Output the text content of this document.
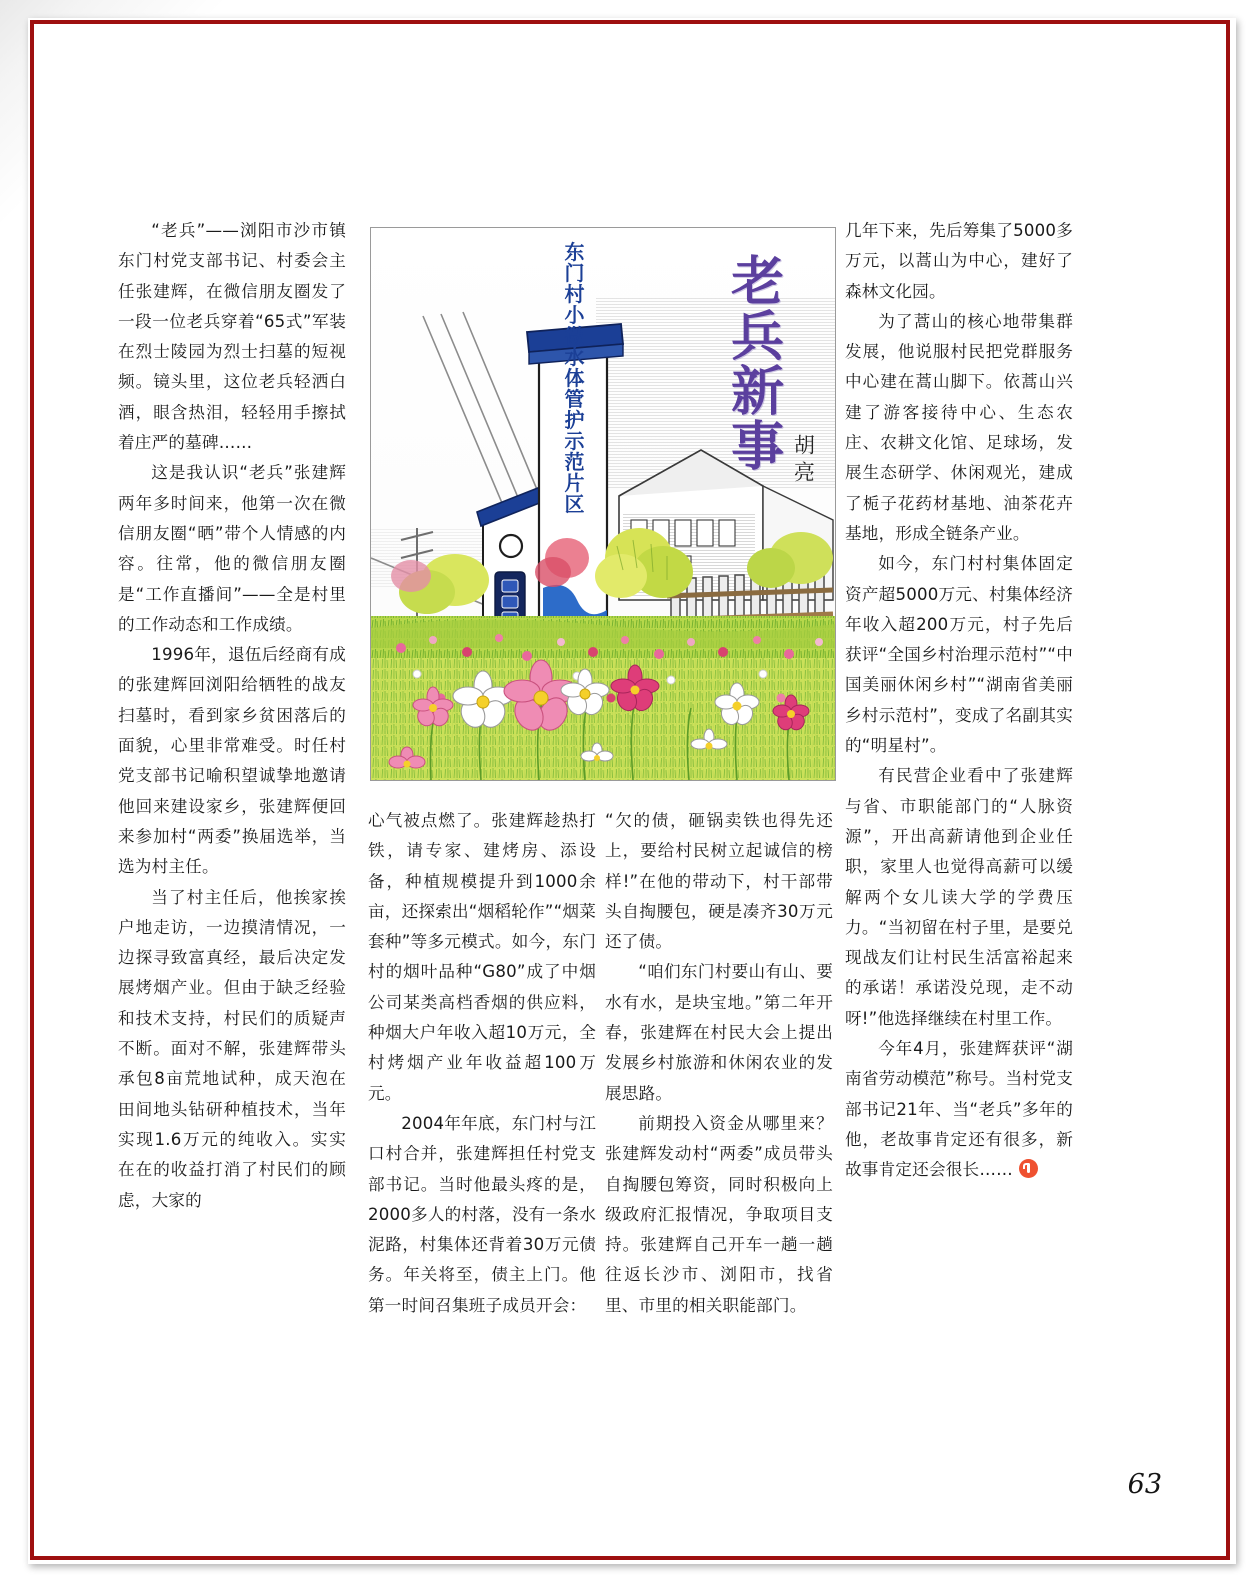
东门村小微水体管护示范片区	老兵新事 胡亮

“老兵”——浏阳市沙市镇东门村党支部书记、村委会主任张建辉，在微信朋友圈发了一段一位老兵穿着“65式”军装在烈士陵园为烈士扫墓的短视频。镜头里，这位老兵轻洒白酒，眼含热泪，轻轻用手擦拭着庄严的墓碑……

这是我认识“老兵”张建辉两年多时间来，他第一次在微信朋友圈“晒”带个人情感的内容。往常，他的微信朋友圈是“工作直播间”——全是村里的工作动态和工作成绩。

1996年，退伍后经商有成的张建辉回浏阳给牺牲的战友扫墓时，看到家乡贫困落后的面貌，心里非常难受。时任村党支部书记喻积望诚挚地邀请他回来建设家乡，张建辉便回来参加村“两委”换届选举，当选为村主任。

当了村主任后，他挨家挨户地走访，一边摸清情况，一边探寻致富真经，最后决定发展烤烟产业。但由于缺乏经验和技术支持，村民们的质疑声不断。面对不解，张建辉带头承包8亩荒地试种，成天泡在田间地头钻研种植技术，当年实现1.6万元的纯收入。实实在在的收益打消了村民们的顾虑，大家的

心气被点燃了。张建辉趁热打铁，请专家、建烤房、添设备，种植规模提升到1000余亩，还探索出“烟稻轮作”“烟菜套种”等多元模式。如今，东门村的烟叶品种“G80”成了中烟公司某类高档香烟的供应料，种烟大户年收入超10万元，全村烤烟产业年收益超100万元。

2004年年底，东门村与江口村合并，张建辉担任村党支部书记。当时他最头疼的是，2000多人的村落，没有一条水泥路，村集体还背着30万元债务。年关将至，债主上门。他第一时间召集班子成员开会：

“欠的债，砸锅卖铁也得先还上，要给村民树立起诚信的榜样!”在他的带动下，村干部带头自掏腰包，硬是凑齐30万元还了债。

“咱们东门村要山有山、要水有水，是块宝地。”第二年开春，张建辉在村民大会上提出发展乡村旅游和休闲农业的发展思路。

前期投入资金从哪里来？张建辉发动村“两委”成员带头自掏腰包筹资，同时积极向上级政府汇报情况，争取项目支持。张建辉自己开车一趟一趟往返长沙市、浏阳市，找省里、市里的相关职能部门。

几年下来，先后筹集了5000多万元，以蒿山为中心，建好了森林文化园。

为了蒿山的核心地带集群发展，他说服村民把党群服务中心建在蒿山脚下。依蒿山兴建了游客接待中心、生态农庄、农耕文化馆、足球场，发展生态研学、休闲观光，建成了栀子花药材基地、油茶花卉基地，形成全链条产业。

如今，东门村村集体固定资产超5000万元、村集体经济年收入超200万元，村子先后获评“全国乡村治理示范村”“中国美丽休闲乡村”“湖南省美丽乡村示范村”，变成了名副其实的“明星村”。

有民营企业看中了张建辉与省、市职能部门的“人脉资源”，开出高薪请他到企业任职，家里人也觉得高薪可以缓解两个女儿读大学的学费压力。“当初留在村子里，是要兑现战友们让村民生活富裕起来的承诺！承诺没兑现，走不动呀!”他选择继续在村里工作。

今年4月，张建辉获评“湖南省劳动模范”称号。当村党支部书记21年、当“老兵”多年的他，老故事肯定还有很多，新故事肯定还会很长……

63
